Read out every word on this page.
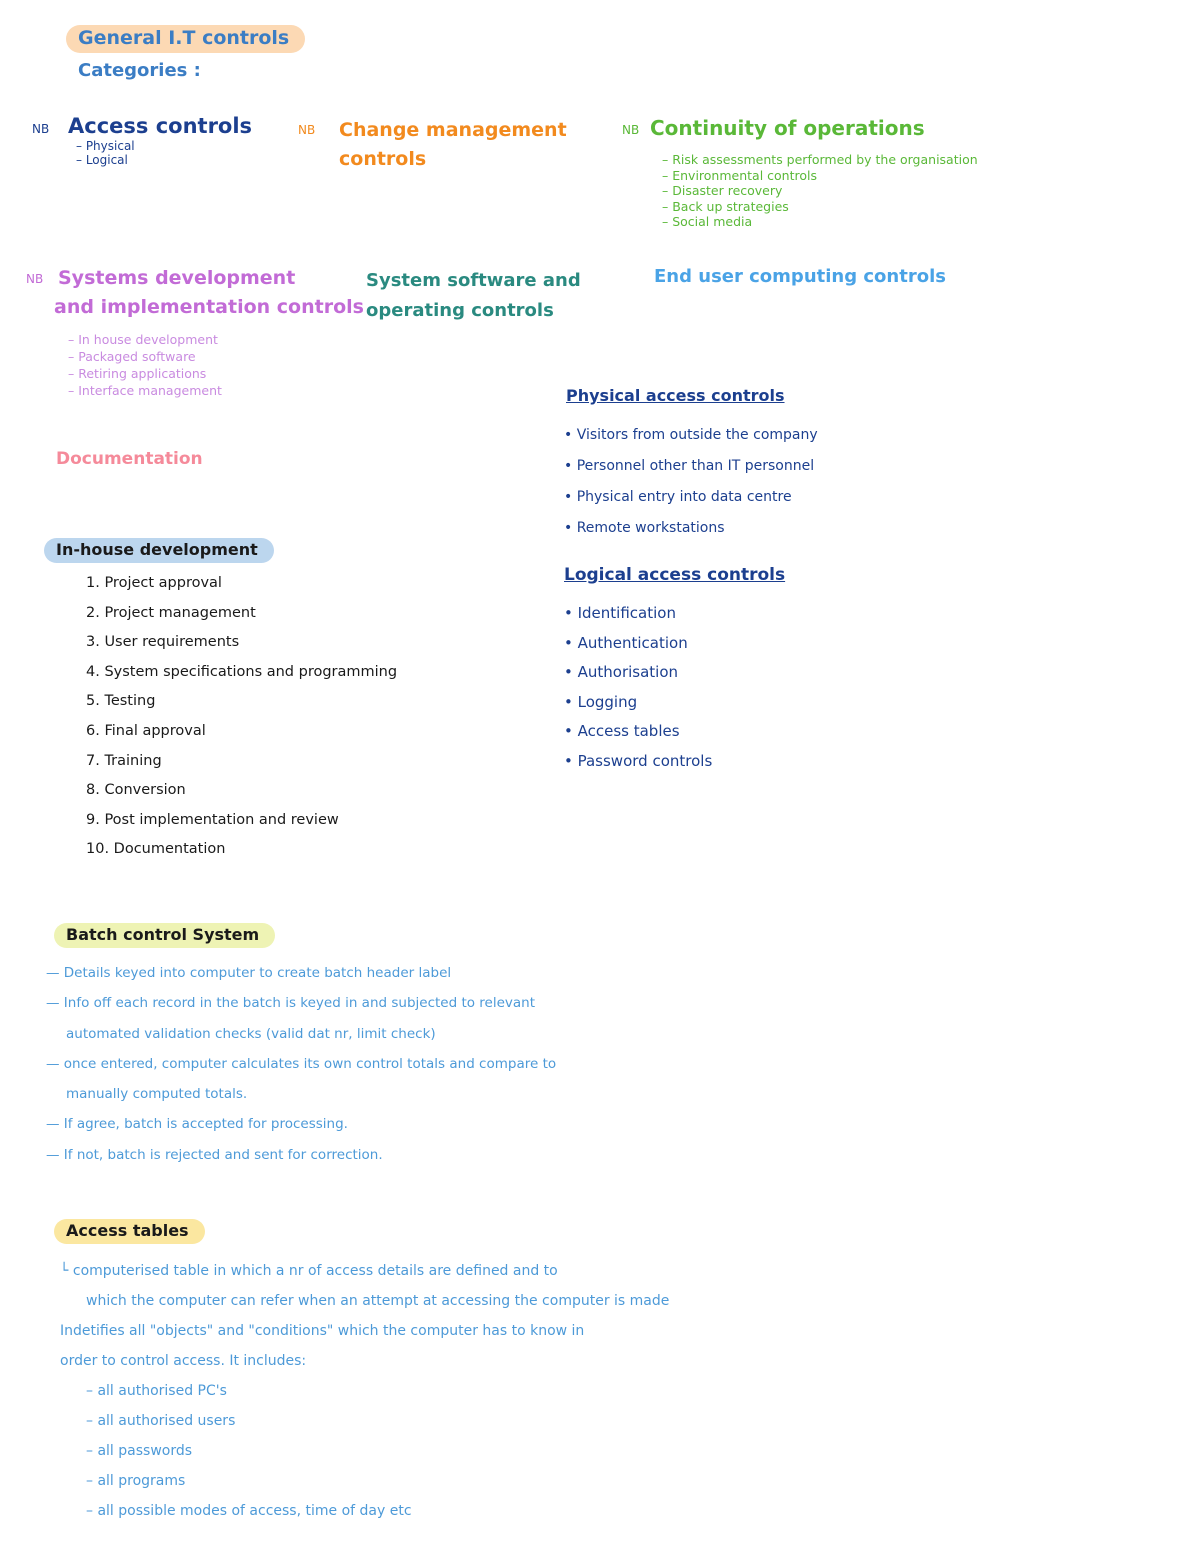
General I.T controls
Categories :
NB Access controls
– Physical
– Logical
NB Change management
controls
NB Continuity of operations
– Risk assessments performed by the organisation
– Environmental controls
– Disaster recovery
– Back up strategies
– Social media
NB Systems development
and implementation controls
– In house development
– Packaged software
– Retiring applications
– Interface management
System software and
operating controls
End user computing controls
Documentation
Physical access controls
• Visitors from outside the company
• Personnel other than IT personnel
• Physical entry into data centre
• Remote workstations
Logical access controls
• Identification
• Authentication
• Authorisation
• Logging
• Access tables
• Password controls
In-house development
1. Project approval
2. Project management
3. User requirements
4. System specifications and programming
5. Testing
6. Final approval
7. Training
8. Conversion
9. Post implementation and review
10. Documentation
Batch control System
— Details keyed into computer to create batch header label
— Info off each record in the batch is keyed in and subjected to relevant
automated validation checks (valid dat nr, limit check)
— once entered, computer calculates its own control totals and compare to
manually computed totals.
— If agree, batch is accepted for processing.
— If not, batch is rejected and sent for correction.
Access tables
└ computerised table in which a nr of access details are defined and to
which the computer can refer when an attempt at accessing the computer is made
Indetifies all "objects" and "conditions" which the computer has to know in
order to control access. It includes:
– all authorised PC's
– all authorised users
– all passwords
– all programs
– all possible modes of access, time of day etc
